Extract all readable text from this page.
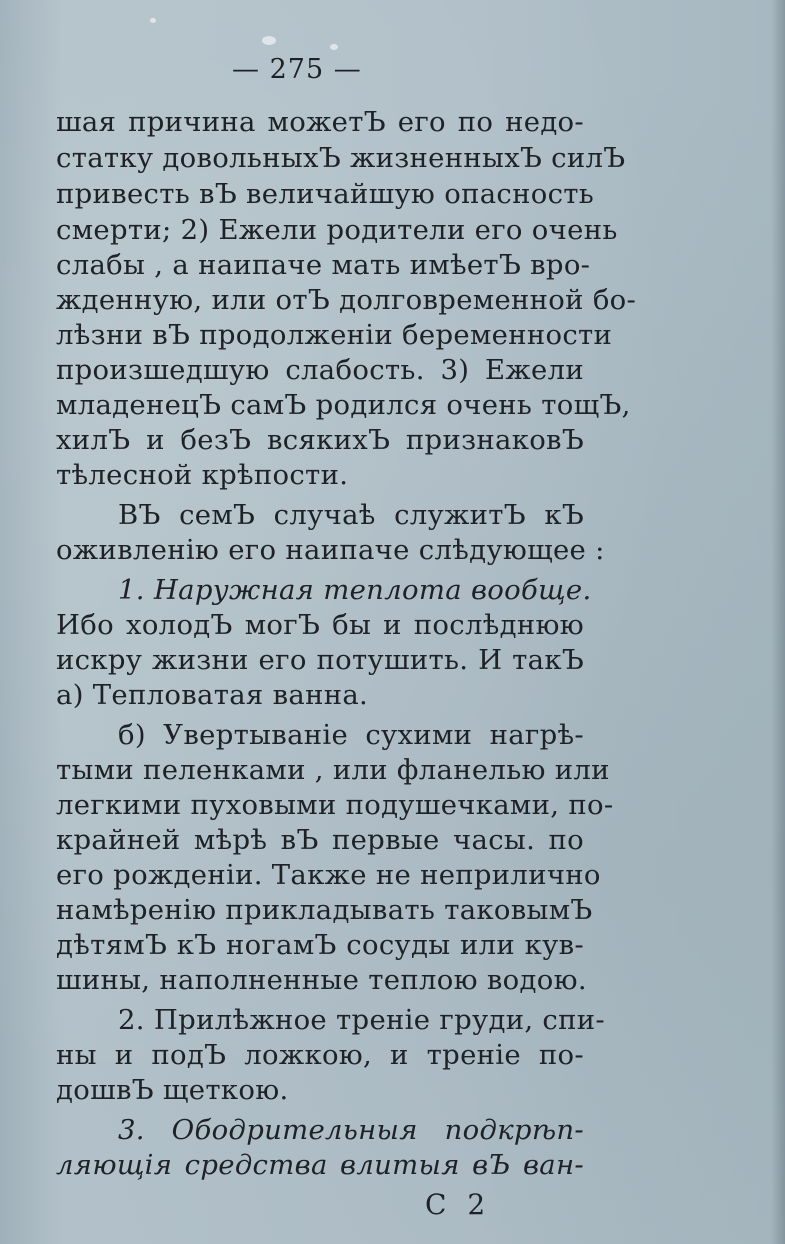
— 275 —
шая причина можетЪ его по недо-
статку довольныхЪ жизненныхЪ силЪ
привесть вЪ величайшую опасность
смерти; 2) Ежели родители его очень
слабы , а наипаче мать имѣетЪ вро-
жденную, или отЪ долговременной бо-
лѣзни вЪ продолженіи беременности
произшедшую слабость. 3) Ежели
младенецЪ самЪ родился очень тощЪ,
хилЪ и безЪ всякихЪ признаковЪ
тѣлесной крѣпости.
ВЪ семЪ случаѣ служитЪ кЪ
оживленію его наипаче слѣдующее :
1. Наружная теплота вообще.
Ибо холодЪ могЪ бы и послѣднюю
искру жизни его потушить. И такЪ
а) Тепловатая ванна.
б) Увертываніе сухими нагрѣ-
тыми пеленками , или фланелью или
легкими пуховыми подушечками, по-
крайней мѣрѣ вЪ первые часы. по
его рожденіи. Также не неприлично
намѣренію прикладывать таковымЪ
дѣтямЪ кЪ ногамЪ сосуды или кув-
шины, наполненные теплою водою.
2. Прилѣжное треніе груди, спи-
ны и подЪ ложкою, и треніе по-
дошвЪ щеткою.
3. Ободрительныя подкрѣп-
ляющія средства влитыя вЪ ван-
C 2
